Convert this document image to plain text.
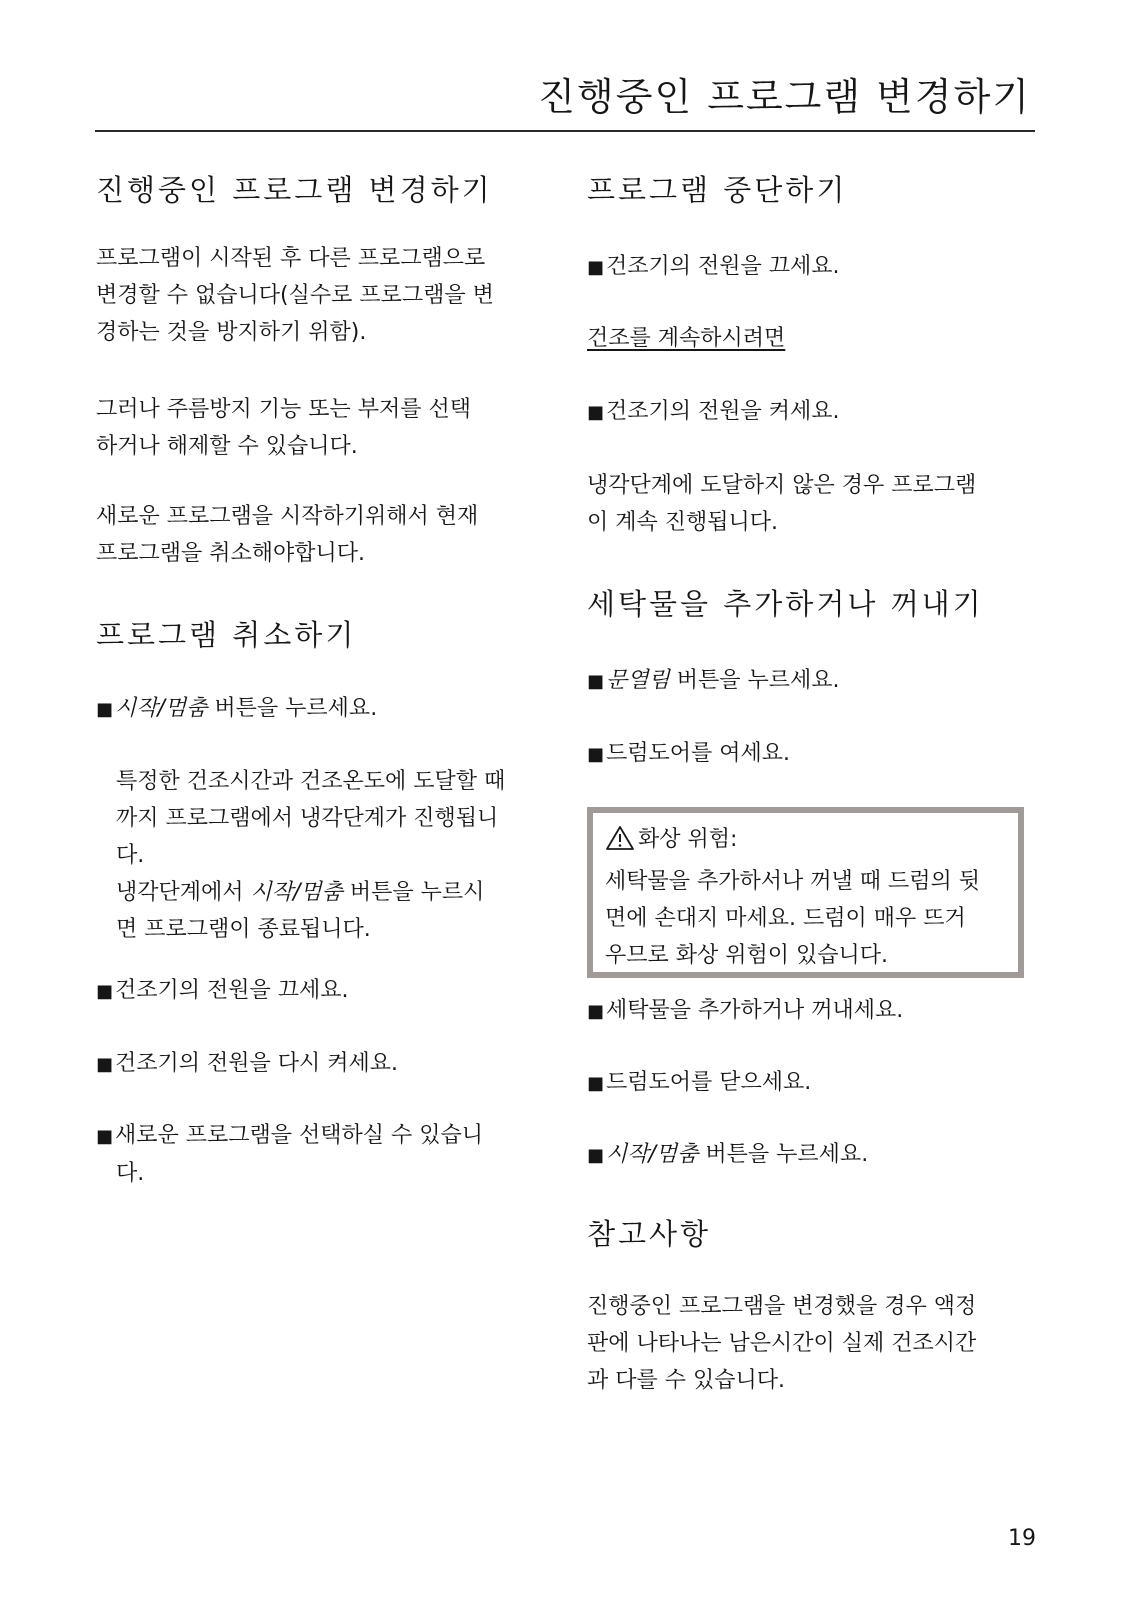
진행중인 프로그램 변경하기
진행중인 프로그램 변경하기
프로그램이 시작된 후 다른 프로그램으로
변경할 수 없습니다(실수로 프로그램을 변
경하는 것을 방지하기 위함).
그러나 주름방지 기능 또는 부저를 선택
하거나 해제할 수 있습니다.
새로운 프로그램을 시작하기위해서 현재
프로그램을 취소해야합니다.
프로그램 취소하기
■시작/멈춤 버튼을 누르세요.
특정한 건조시간과 건조온도에 도달할 때
까지 프로그램에서 냉각단계가 진행됩니
다.
냉각단계에서 시작/멈춤 버튼을 누르시
면 프로그램이 종료됩니다.
■건조기의 전원을 끄세요.
■건조기의 전원을 다시 켜세요.
■새로운 프로그램을 선택하실 수 있습니
다.
프로그램 중단하기
■건조기의 전원을 끄세요.
건조를 계속하시려면
■건조기의 전원을 켜세요.
냉각단계에 도달하지 않은 경우 프로그램
이 계속 진행됩니다.
세탁물을 추가하거나 꺼내기
■문열림 버튼을 누르세요.
■드럼도어를 여세요.

화상 위험:

세탁물을 추가하서나 꺼낼 때 드럼의 뒷

면에 손대지 마세요. 드럼이 매우 뜨거

우므로 화상 위험이 있습니다.

■세탁물을 추가하거나 꺼내세요.
■드럼도어를 닫으세요.
■시작/멈춤 버튼을 누르세요.
참고사항
진행중인 프로그램을 변경했을 경우 액정
판에 나타나는 남은시간이 실제 건조시간
과 다를 수 있습니다.
19
